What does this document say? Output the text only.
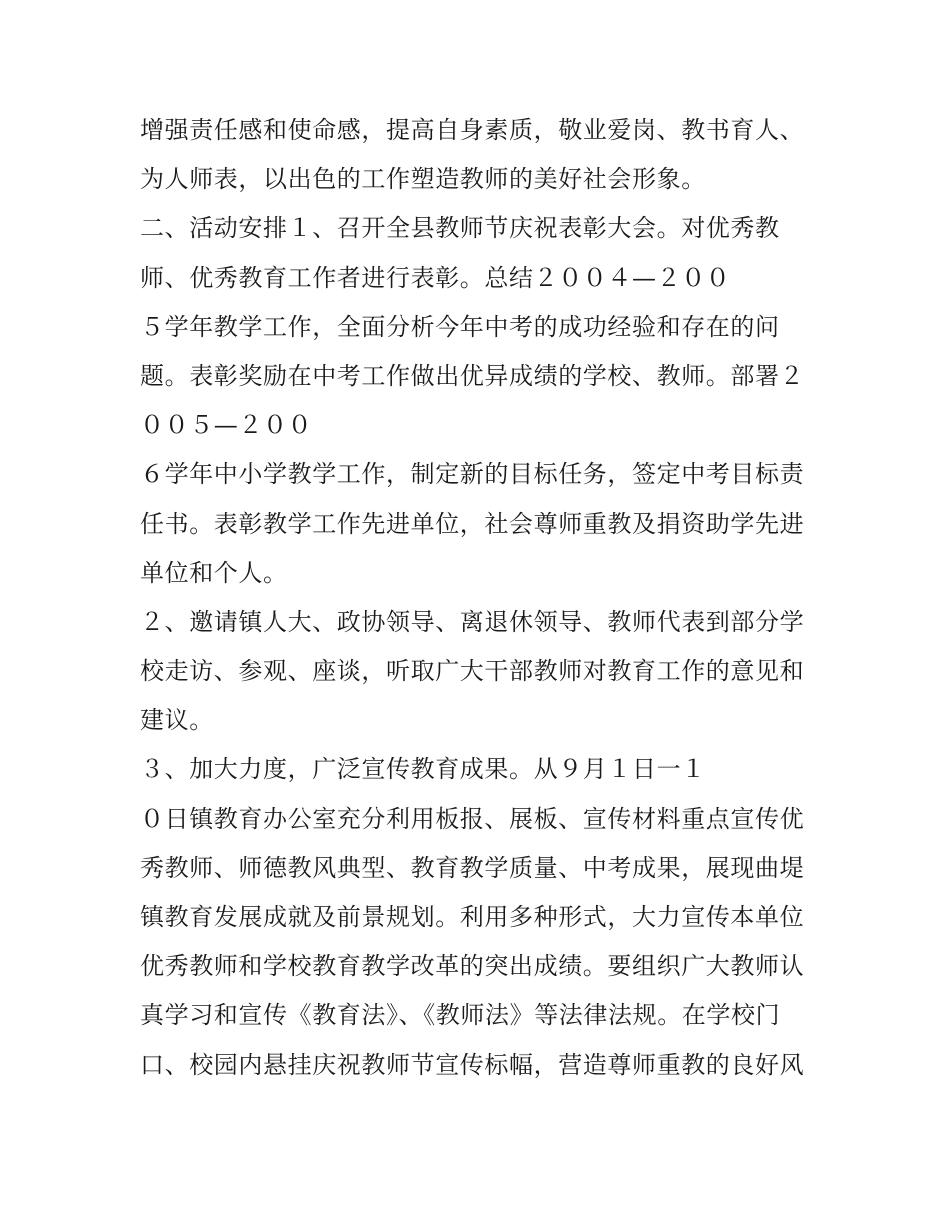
增强责任感和使命感，提高自身素质，敬业爱岗、教书育人、
为人师表，以出色的工作塑造教师的美好社会形象。
二、活动安排１、召开全县教师节庆祝表彰大会。对优秀教
师、优秀教育工作者进行表彰。总结２００４—２００
５学年教学工作，全面分析今年中考的成功经验和存在的问
题。表彰奖励在中考工作做出优异成绩的学校、教师。部署２
００５—２００
６学年中小学教学工作，制定新的目标任务，签定中考目标责
任书。表彰教学工作先进单位，社会尊师重教及捐资助学先进
单位和个人。
２、邀请镇人大、政协领导、离退休领导、教师代表到部分学
校走访、参观、座谈，听取广大干部教师对教育工作的意见和
建议。
３、加大力度，广泛宣传教育成果。从９月１日一１
０日镇教育办公室充分利用板报、展板、宣传材料重点宣传优
秀教师、师德教风典型、教育教学质量、中考成果，展现曲堤
镇教育发展成就及前景规划。利用多种形式，大力宣传本单位
优秀教师和学校教育教学改革的突出成绩。要组织广大教师认
真学习和宣传《教育法》、《教师法》等法律法规。在学校门
口、校园内悬挂庆祝教师节宣传标幅，营造尊师重教的良好风
